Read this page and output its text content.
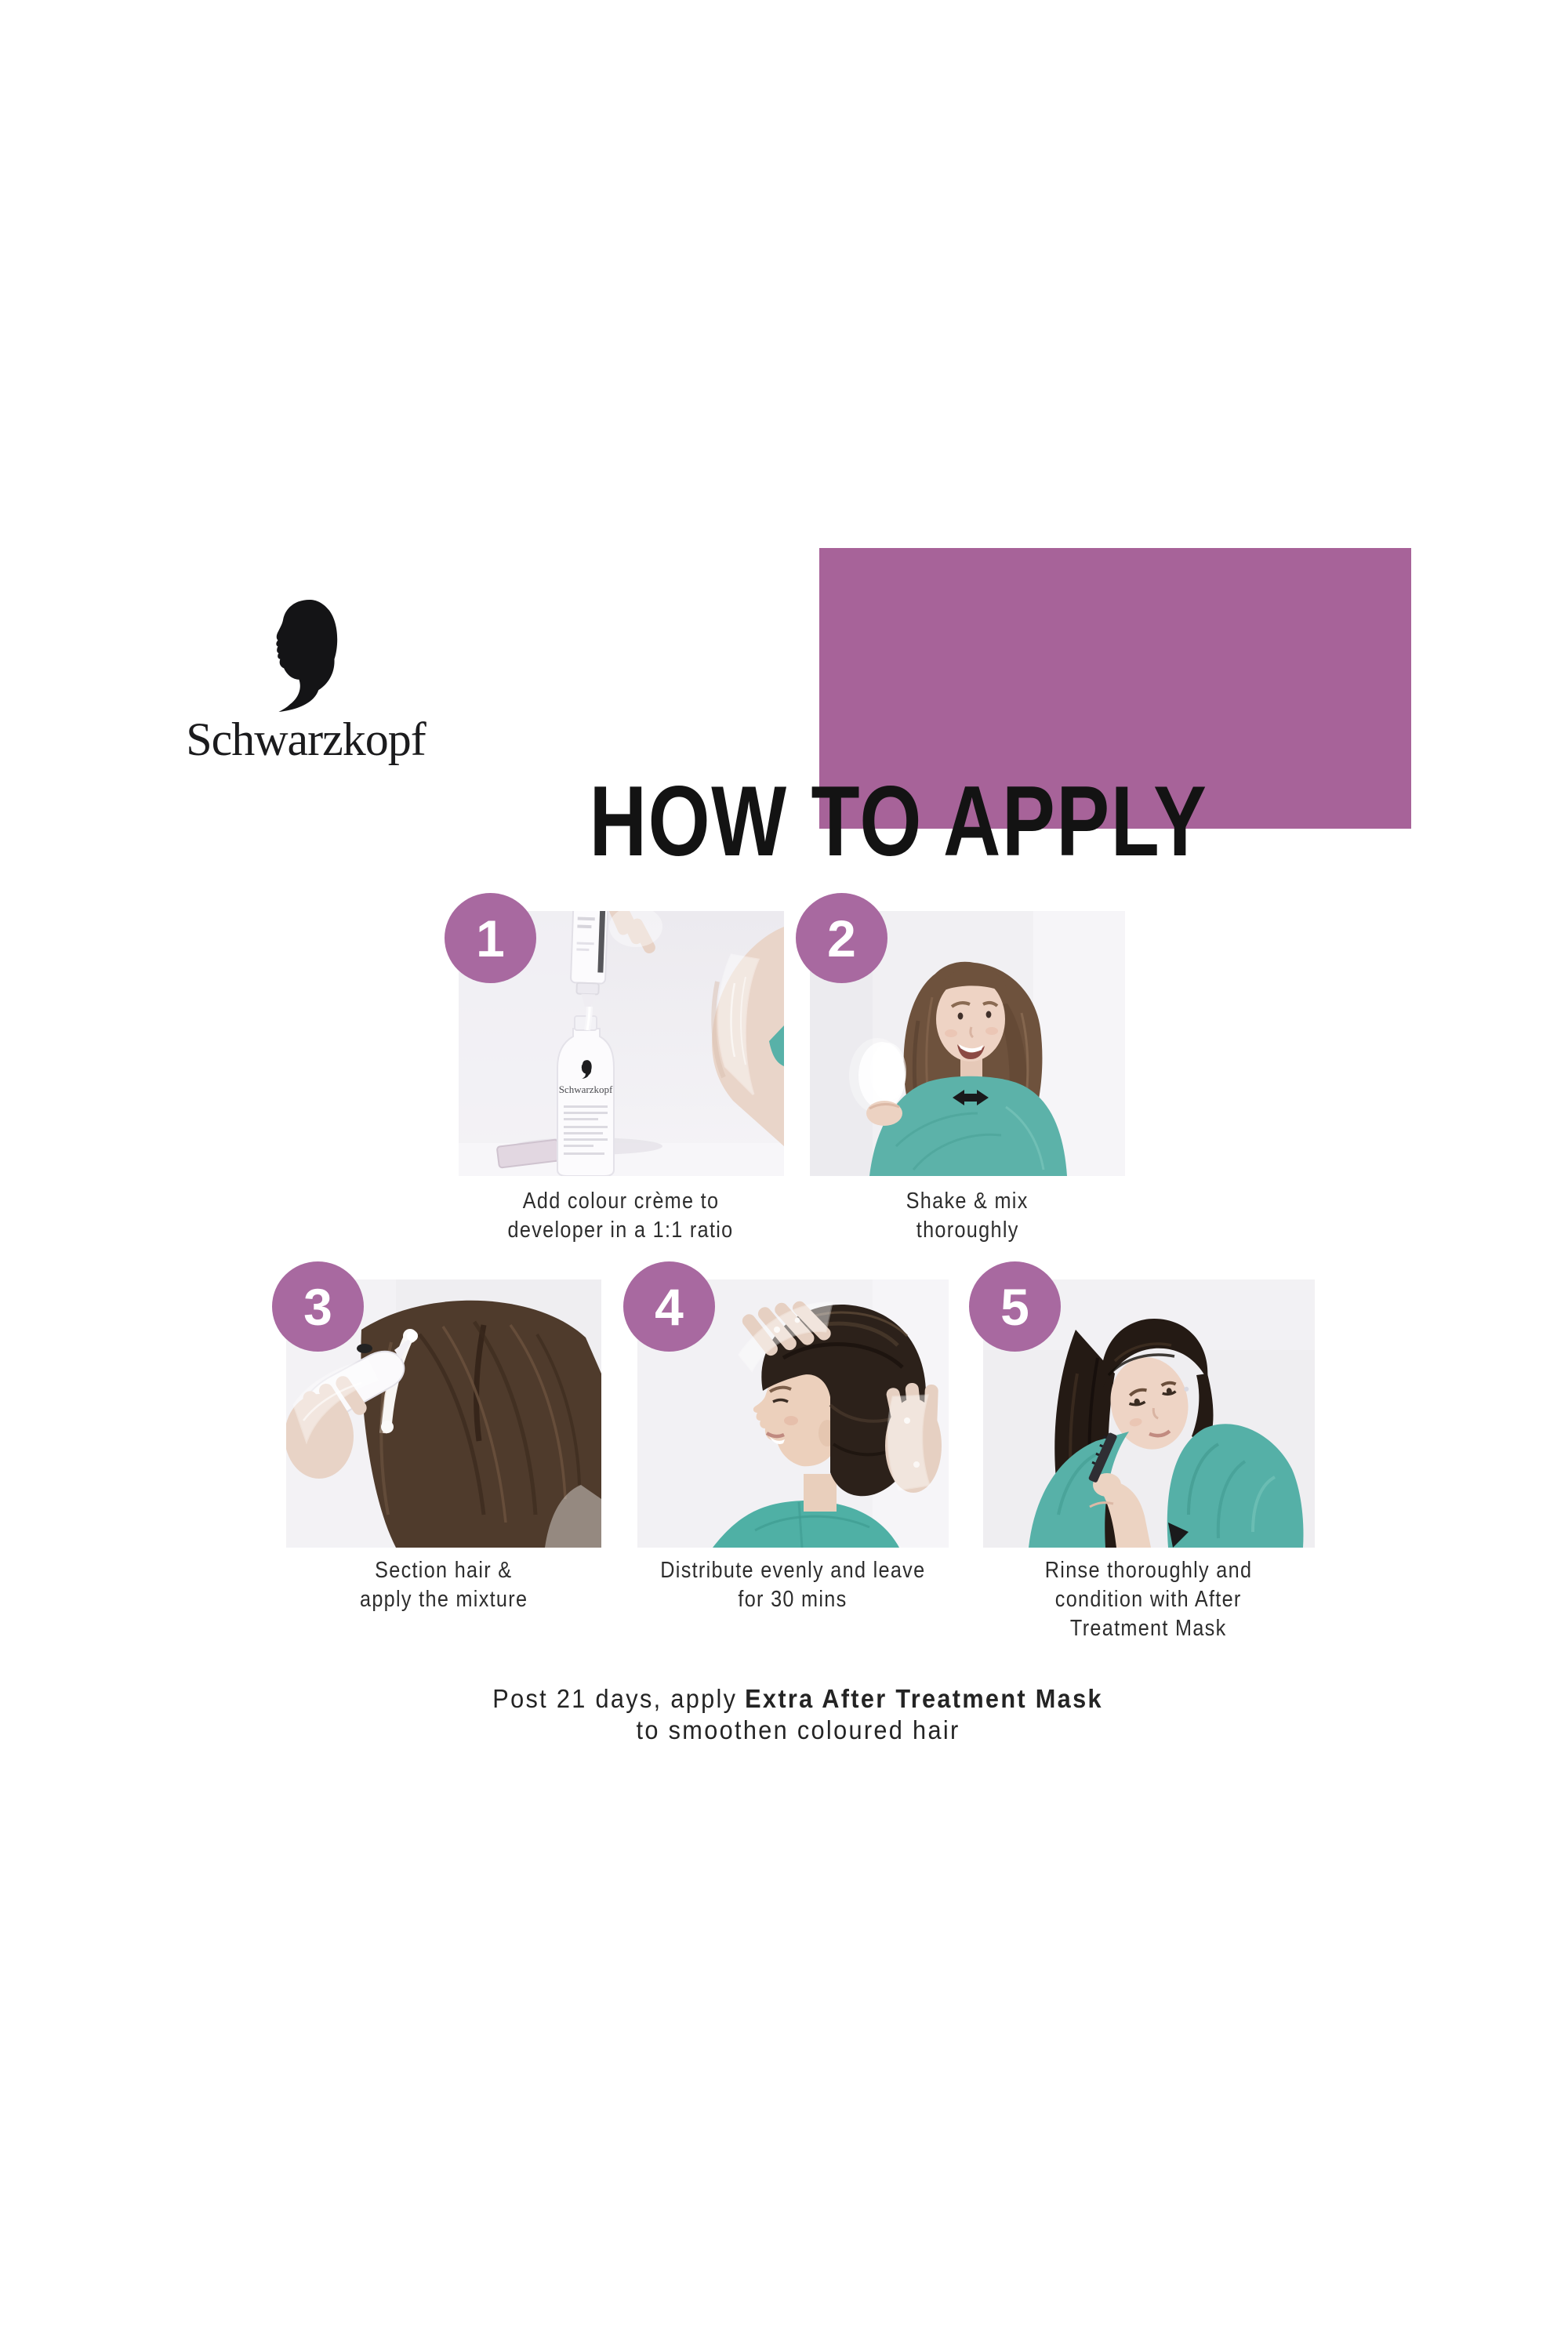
Schwarzkopf
HOW TO APPLY
Schwarzkopf
1
Add colour crème to
developer in a 1:1 ratio
2
Shake & mix
thoroughly
3
Section hair &
apply the mixture
4
Distribute evenly and leave
for 30 mins
5
Rinse thoroughly and
condition with After
Treatment Mask
Post 21 days, apply Extra After Treatment Mask
to smoothen coloured hair
